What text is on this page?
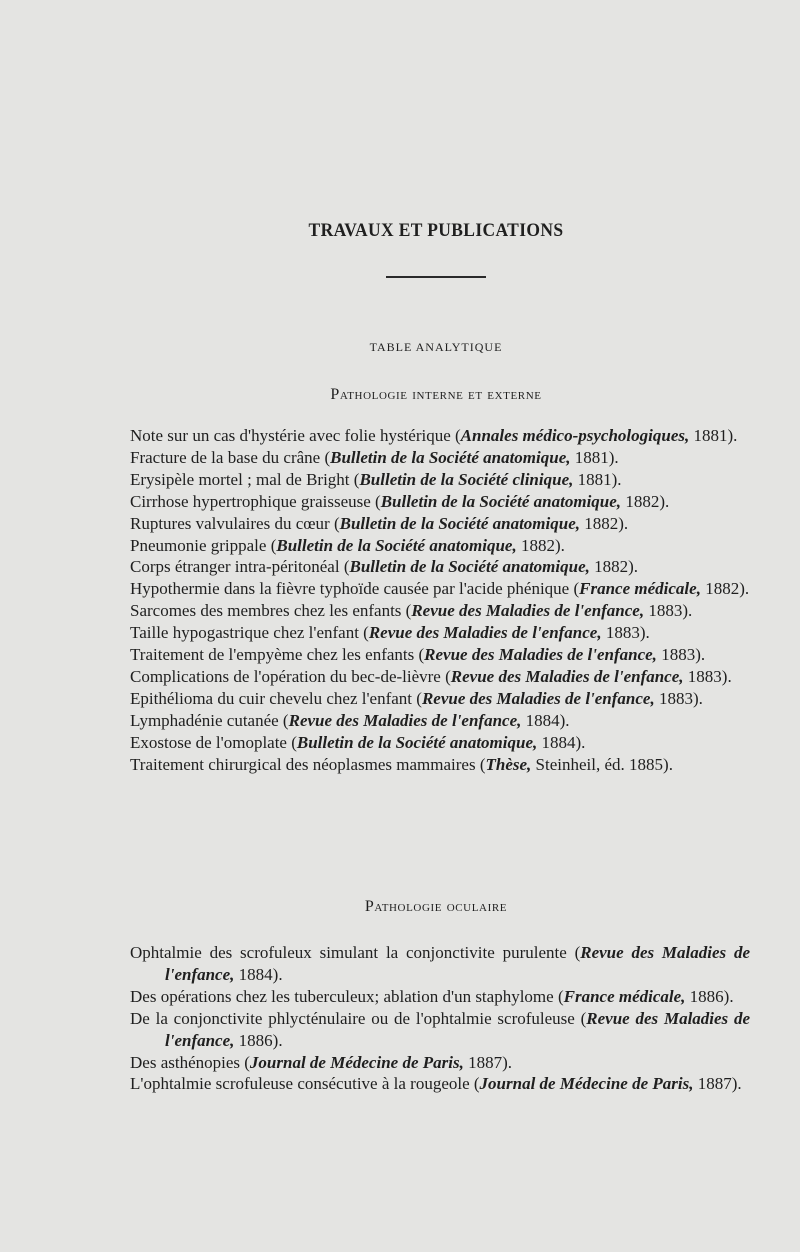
TRAVAUX ET PUBLICATIONS
TABLE ANALYTIQUE
Pathologie interne et externe

Note sur un cas d'hystérie avec folie hystérique (Annales médico-psychologiques, 1881).

Fracture de la base du crâne (Bulletin de la Société anatomique, 1881).

Erysipèle mortel ; mal de Bright (Bulletin de la Société clinique, 1881).

Cirrhose hypertrophique graisseuse (Bulletin de la Société anatomique, 1882).

Ruptures valvulaires du cœur (Bulletin de la Société anatomique, 1882).

Pneumonie grippale (Bulletin de la Société anatomique, 1882).

Corps étranger intra-péritonéal (Bulletin de la Société anatomique, 1882).

Hypothermie dans la fièvre typhoïde causée par l'acide phénique (France médicale, 1882).

Sarcomes des membres chez les enfants (Revue des Maladies de l'enfance, 1883).

Taille hypogastrique chez l'enfant (Revue des Maladies de l'enfance, 1883).

Traitement de l'empyème chez les enfants (Revue des Maladies de l'enfance, 1883).

Complications de l'opération du bec-de-lièvre (Revue des Maladies de l'enfance, 1883).

Epithélioma du cuir chevelu chez l'enfant (Revue des Maladies de l'enfance, 1883).

Lymphadénie cutanée (Revue des Maladies de l'enfance, 1884).

Exostose de l'omoplate (Bulletin de la Société anatomique, 1884).

Traitement chirurgical des néoplasmes mammaires (Thèse, Steinheil, éd. 1885).

Pathologie oculaire

Ophtalmie des scrofuleux simulant la conjonctivite purulente (Revue des Maladies de l'enfance, 1884).

Des opérations chez les tuberculeux; ablation d'un staphylome (France médicale, 1886).

De la conjonctivite phlycténulaire ou de l'ophtalmie scrofuleuse (Revue des Maladies de l'enfance, 1886).

Des asthénopies (Journal de Médecine de Paris, 1887).

L'ophtalmie scrofuleuse consécutive à la rougeole (Journal de Médecine de Paris, 1887).
